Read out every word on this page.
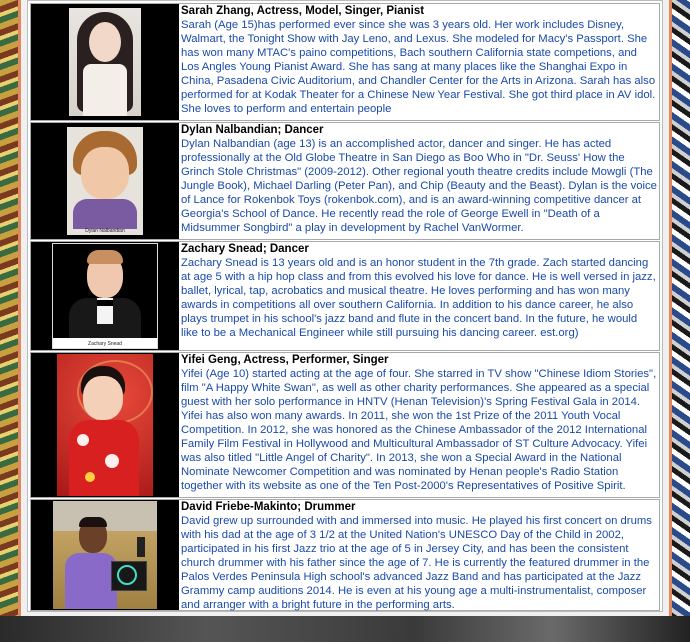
Sarah Zhang, Actress, Model, Singer, Pianist
Sarah (Age 15)has performed ever since she was 3 years old. Her work includes Disney, Walmart, the Tonight Show with Jay Leno, and Lexus. She modeled for Macy's Passport. She has won many MTAC's paino competitions, Bach southern California state competions, and Los Angles Young Pianist Award. She has sang at many places like the Shanghai Expo in China, Pasadena Civic Auditorium, and Chandler Center for the Arts in Arizona. Sarah has also performed for at Kodak Theater for a Chinese New Year Festival. She got third place in AV idol. She loves to perform and entertain people
Dylan Nalbandian
Dylan Nalbandian; Dancer
Dylan Nalbandian (age 13) is an accomplished actor, dancer and singer. He has acted professionally at the Old Globe Theatre in San Diego as Boo Who in "Dr. Seuss' How the Grinch Stole Christmas" (2009-2012). Other regional youth theatre credits include Mowgli (The Jungle Book), Michael Darling (Peter Pan), and Chip (Beauty and the Beast). Dylan is the voice of Lance for Rokenbok Toys (rokenbok.com), and is an award-winning competitive dancer at Georgia's School of Dance. He recently read the role of George Ewell in "Death of a Midsummer Songbird" a play in development by Rachel VanWormer.
Zachary Snead
Zachary Snead; Dancer
Zachary Snead is 13 years old and is an honor student in the 7th grade. Zach started dancing at age 5 with a hip hop class and from this evolved his love for dance. He is well versed in jazz, ballet, lyrical, tap, acrobatics and musical theatre. He loves performing and has won many awards in competitions all over southern California. In addition to his dance career, he also plays trumpet in his school's jazz band and flute in the concert band. In the future, he would like to be a Mechanical Engineer while still pursuing his dancing career. est.org)
Yifei Geng, Actress, Performer, Singer
Yifei (Age 10) started acting at the age of four. She starred in TV show "Chinese Idiom Stories", film "A Happy White Swan", as well as other charity performances. She appeared as a special guest with her solo performance in HNTV (Henan Television)'s Spring Festival Gala in 2014. Yifei has also won many awards. In 2011, she won the 1st Prize of the 2011 Youth Vocal Competition. In 2012, she was honored as the Chinese Ambassador of the 2012 International Family Film Festival in Hollywood and Multicultural Ambassador of ST Culture Advocacy. Yifei was also titled "Little Angel of Charity". In 2013, she won a Special Award in the National Nominate Newcomer Competition and was nominated by Henan people's Radio Station together with its website as one of the Ten Post-2000's Representatives of Positive Spirit.
David Friebe-Makinto; Drummer
David grew up surrounded with and immersed into music. He played his first concert on drums with his dad at the age of 3 1/2 at the United Nation's UNESCO Day of the Child in 2002, participated in his first Jazz trio at the age of 5 in Jersey City, and has been the consistent church drummer with his father since the age of 7. He is currently the featured drummer in the Palos Verdes Peninsula High school's advanced Jazz Band and has participated at the Jazz Grammy camp auditions 2014. He is even at his young age a multi-instrumentalist, composer and arranger with a bright future in the performing arts.
